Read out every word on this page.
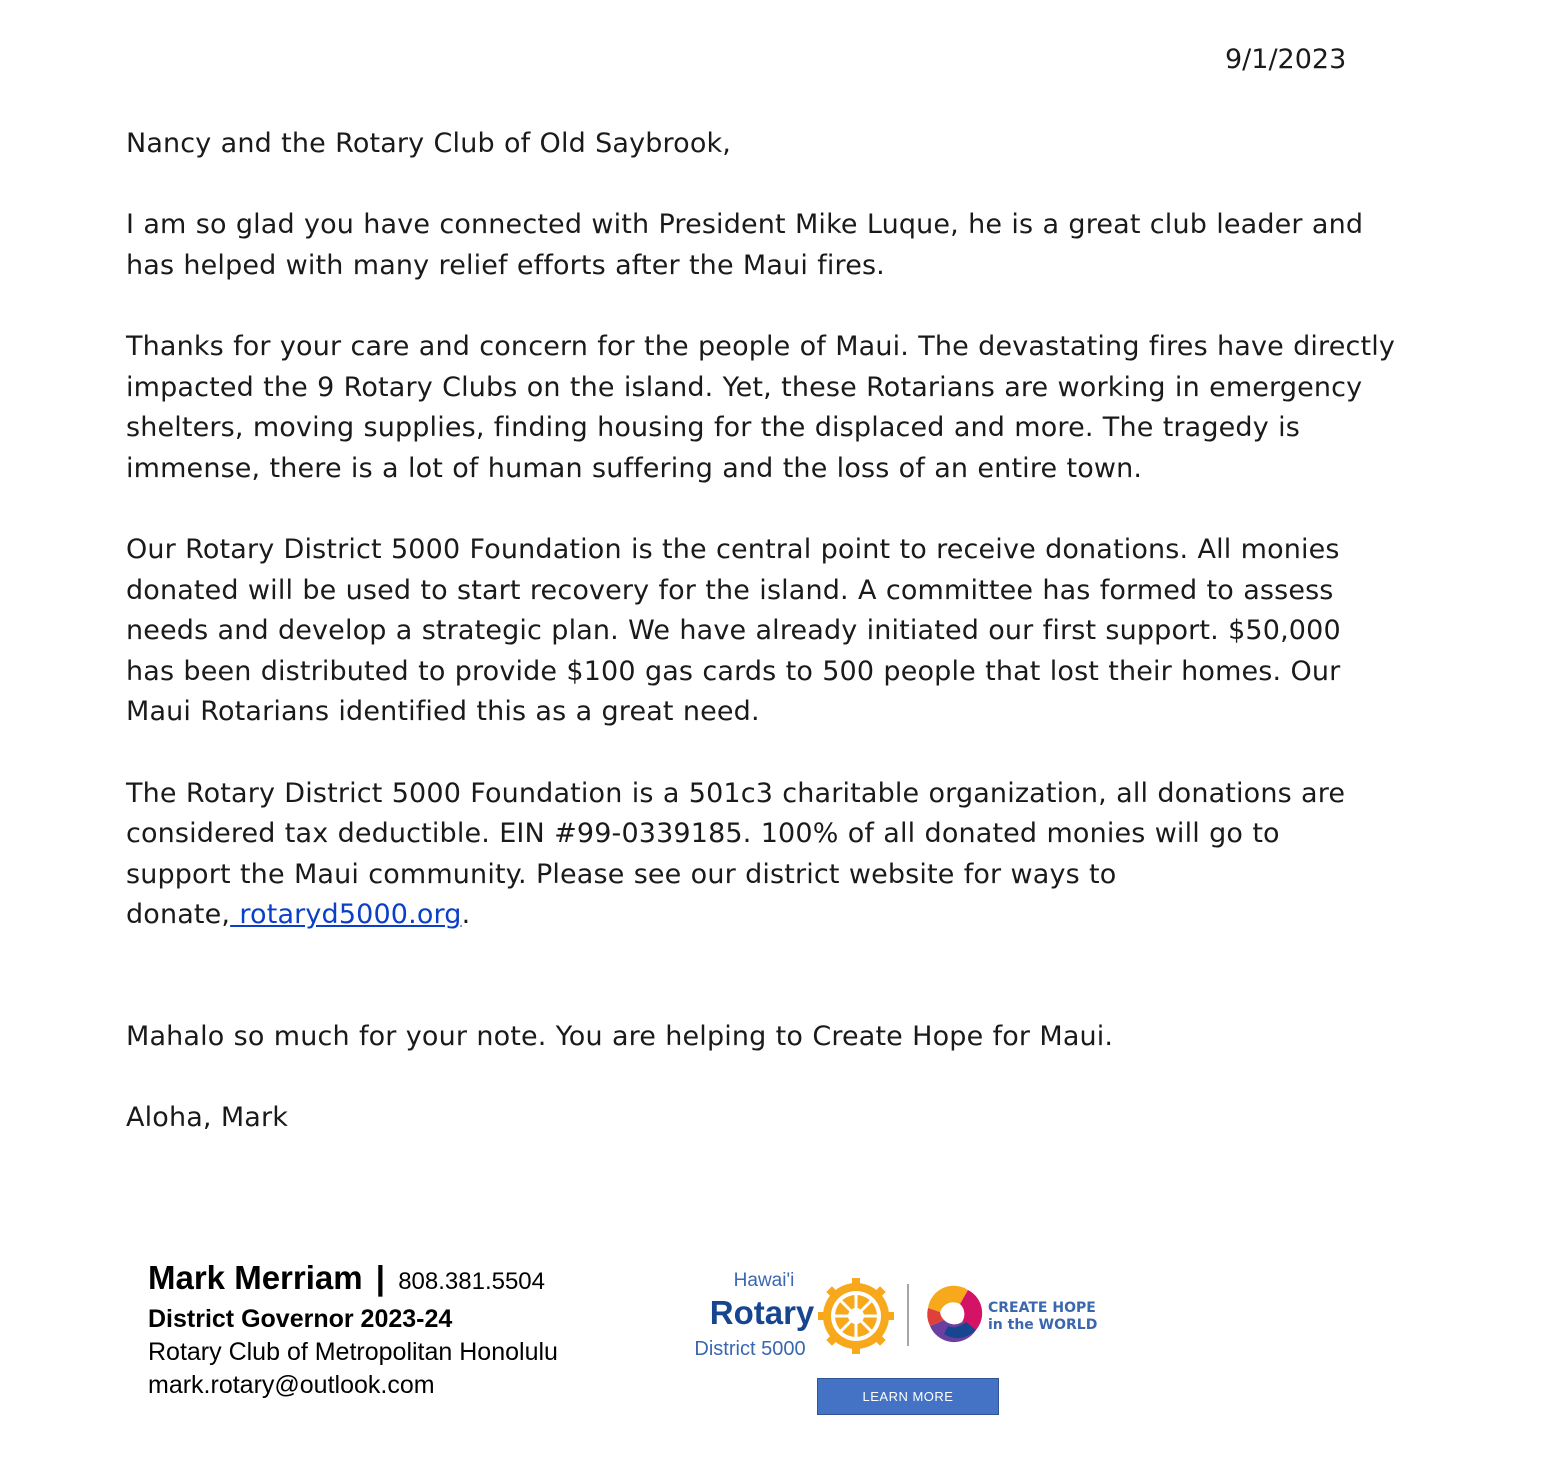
9/1/2023

Nancy and the Rotary Club of Old Saybrook,

I am so glad you have connected with President Mike Luque, he is a great club leader and
has helped with many relief efforts after the Maui fires.

Thanks for your care and concern for the people of Maui. The devastating fires have directly
impacted the 9 Rotary Clubs on the island. Yet, these Rotarians are working in emergency
shelters, moving supplies, finding housing for the displaced and more. The tragedy is
immense, there is a lot of human suffering and the loss of an entire town.

Our Rotary District 5000 Foundation is the central point to receive donations. All monies
donated will be used to start recovery for the island. A committee has formed to assess
needs and develop a strategic plan. We have already initiated our first support. $50,000
has been distributed to provide $100 gas cards to 500 people that lost their homes. Our
Maui Rotarians identified this as a great need.

The Rotary District 5000 Foundation is a 501c3 charitable organization, all donations are
considered tax deductible. EIN #99-0339185. 100% of all donated monies will go to
support the Maui community. Please see our district website for ways to
donate, rotaryd5000.org.

Mahalo so much for your note. You are helping to Create Hope for Maui.

Aloha, Mark

Mark Merriam | 808.381.5504
District Governor 2023-24
Rotary Club of Metropolitan Honolulu
mark.rotary@outlook.com
Hawai'i
Rotary
District 5000
CREATE HOPE
in the WORLD
LEARN MORE
